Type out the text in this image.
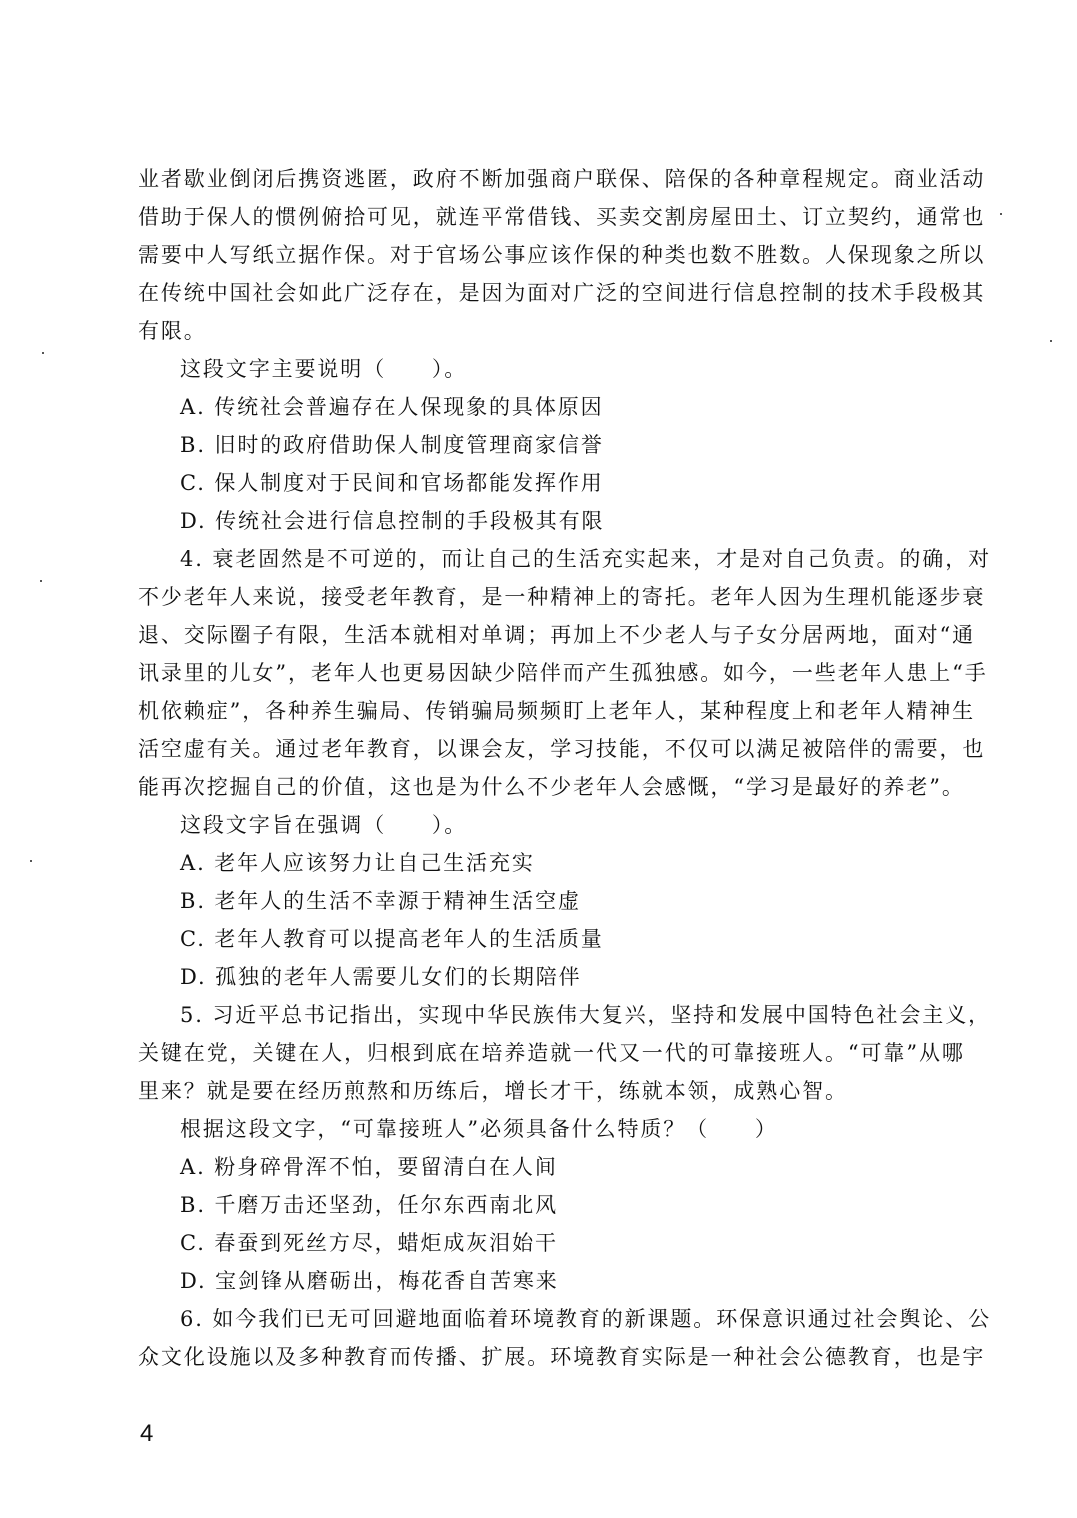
业者歇业倒闭后携资逃匿，政府不断加强商户联保、陪保的各种章程规定。商业活动
借助于保人的惯例俯拾可见，就连平常借钱、买卖交割房屋田土、订立契约，通常也
需要中人写纸立据作保。对于官场公事应该作保的种类也数不胜数。人保现象之所以
在传统中国社会如此广泛存在，是因为面对广泛的空间进行信息控制的技术手段极其
有限。
这段文字主要说明（　　）。
A. 传统社会普遍存在人保现象的具体原因
B. 旧时的政府借助保人制度管理商家信誉
C. 保人制度对于民间和官场都能发挥作用
D. 传统社会进行信息控制的手段极其有限
4. 衰老固然是不可逆的，而让自己的生活充实起来，才是对自己负责。的确，对
不少老年人来说，接受老年教育，是一种精神上的寄托。老年人因为生理机能逐步衰
退、交际圈子有限，生活本就相对单调；再加上不少老人与子女分居两地，面对“通
讯录里的儿女”，老年人也更易因缺少陪伴而产生孤独感。如今，一些老年人患上“手
机依赖症”，各种养生骗局、传销骗局频频盯上老年人，某种程度上和老年人精神生
活空虚有关。通过老年教育，以课会友，学习技能，不仅可以满足被陪伴的需要，也
能再次挖掘自己的价值，这也是为什么不少老年人会感慨，“学习是最好的养老”。
这段文字旨在强调（　　）。
A. 老年人应该努力让自己生活充实
B. 老年人的生活不幸源于精神生活空虚
C. 老年人教育可以提高老年人的生活质量
D. 孤独的老年人需要儿女们的长期陪伴
5. 习近平总书记指出，实现中华民族伟大复兴，坚持和发展中国特色社会主义，
关键在党，关键在人，归根到底在培养造就一代又一代的可靠接班人。“可靠”从哪
里来？就是要在经历煎熬和历练后，增长才干，练就本领，成熟心智。
根据这段文字，“可靠接班人”必须具备什么特质？（　　）
A. 粉身碎骨浑不怕，要留清白在人间
B. 千磨万击还坚劲，任尔东西南北风
C. 春蚕到死丝方尽，蜡炬成灰泪始干
D. 宝剑锋从磨砺出，梅花香自苦寒来
6. 如今我们已无可回避地面临着环境教育的新课题。环保意识通过社会舆论、公
众文化设施以及多种教育而传播、扩展。环境教育实际是一种社会公德教育，也是宇
4
